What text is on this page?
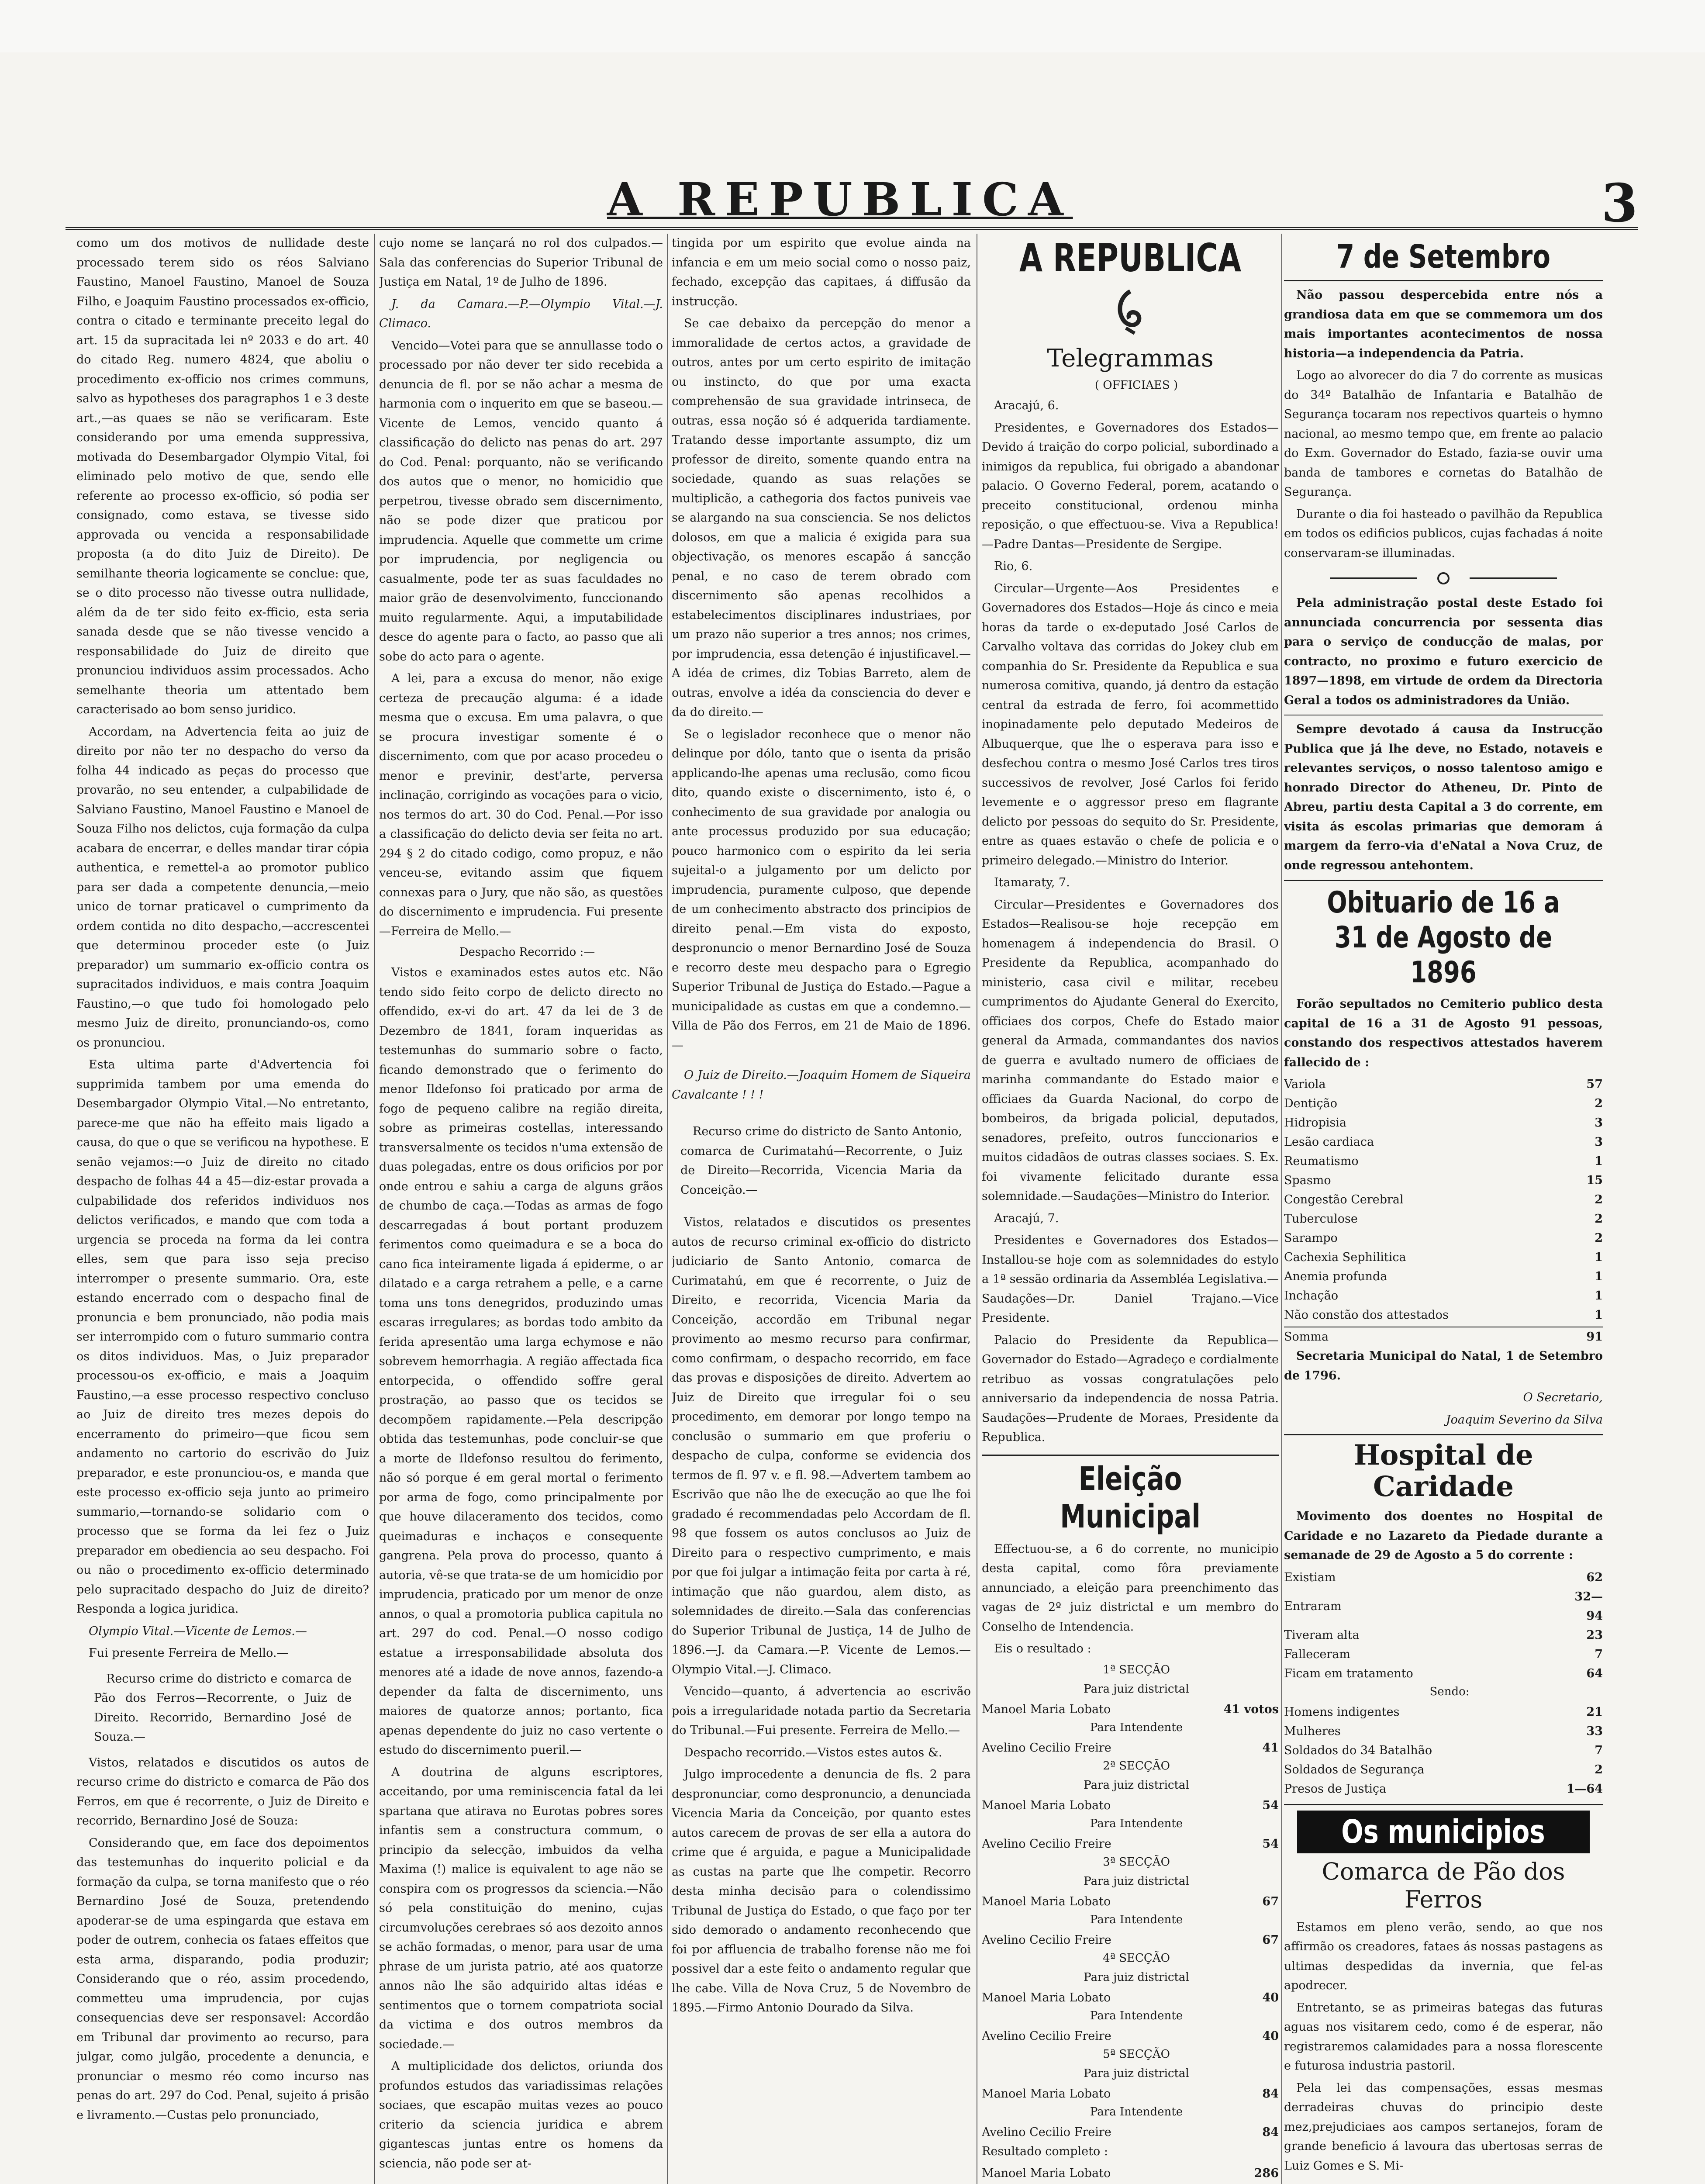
A REPUBLICA	3

como um dos motivos de nullidade deste processado terem sido os réos Salviano Faustino, Manoel Faustino, Manoel de Souza Filho, e Joaquim Faustino processados ex-officio, contra o citado e terminante preceito legal do art. 15 da supracitada lei nº 2033 e do art. 40 do citado Reg. numero 4824, que aboliu o procedimento ex-officio nos crimes communs, salvo as hypotheses dos paragraphos 1 e 3 deste art.,—as quaes se não se verificaram. Este considerando por uma emenda suppressiva, motivada do Desembargador Olympio Vital, foi eliminado pelo motivo de que, sendo elle referente ao processo ex-officio, só podia ser consignado, como estava, se tivesse sido approvada ou vencida a responsabilidade proposta (a do dito Juiz de Direito). De semilhante theoria logicamente se conclue: que, se o dito processo não tivesse outra nullidade, além da de ter sido feito ex-fficio, esta seria sanada desde que se não tivesse vencido a responsabilidade do Juiz de direito que pronunciou individuos assim processados. Acho semelhante theoria um attentado bem caracterisado ao bom senso juridico.

Accordam, na Advertencia feita ao juiz de direito por não ter no despacho do verso da folha 44 indicado as peças do processo que provarão, no seu entender, a culpabilidade de Salviano Faustino, Manoel Faustino e Manoel de Souza Filho nos delictos, cuja formação da culpa acabara de encerrar, e delles mandar tirar cópia authentica, e remettel-a ao promotor publico para ser dada a competente denuncia,—meio unico de tornar praticavel o cumprimento da ordem contida no dito despacho,—accrescentei que determinou proceder este (o Juiz preparador) um summario ex-officio contra os supracitados individuos, e mais contra Joaquim Faustino,—o que tudo foi homologado pelo mesmo Juiz de direito, pronunciando-os, como os pronunciou.

Esta ultima parte d'Advertencia foi supprimida tambem por uma emenda do Desembargador Olympio Vital.—No entretanto, parece-me que não ha effeito mais ligado a causa, do que o que se verificou na hypothese. E senão vejamos:—o Juiz de direito no citado despacho de folhas 44 a 45—diz-estar provada a culpabilidade dos referidos individuos nos delictos verificados, e mando que com toda a urgencia se proceda na forma da lei contra elles, sem que para isso seja preciso interromper o presente summario. Ora, este estando encerrado com o despacho final de pronuncia e bem pronunciado, não podia mais ser interrompido com o futuro summario contra os ditos individuos. Mas, o Juiz preparador processou-os ex-officio, e mais a Joaquim Faustino,—a esse processo respectivo concluso ao Juiz de direito tres mezes depois do encerramento do primeiro—que ficou sem andamento no cartorio do escrivão do Juiz preparador, e este pronunciou-os, e manda que este processo ex-officio seja junto ao primeiro summario,—tornando-se solidario com o processo que se forma da lei fez o Juiz preparador em obediencia ao seu despacho. Foi ou não o procedimento ex-officio determinado pelo supracitado despacho do Juiz de direito? Responda a logica juridica.

Olympio Vital.—Vicente de Lemos.—

Fui presente Ferreira de Mello.—

Recurso crime do districto e comarca de Pão dos Ferros—Recorrente, o Juiz de Direito. Recorrido, Bernardino José de Souza.—

Vistos, relatados e discutidos os autos de recurso crime do districto e comarca de Pão dos Ferros, em que é recorrente, o Juiz de Direito e recorrido, Bernardino José de Souza:

Considerando que, em face dos depoimentos das testemunhas do inquerito policial e da formação da culpa, se torna manifesto que o réo Bernardino José de Souza, pretendendo apoderar-se de uma espingarda que estava em poder de outrem, conhecia os fataes effeitos que esta arma, disparando, podia produzir; Considerando que o réo, assim procedendo, commetteu uma imprudencia, por cujas consequencias deve ser responsavel: Accordão em Tribunal dar provimento ao recurso, para julgar, como julgão, procedente a denuncia, e pronunciar o mesmo réo como incurso nas penas do art. 297 do Cod. Penal, sujeito á prisão e livramento.—Custas pelo pronunciado,

cujo nome se lançará no rol dos culpados.—Sala das conferencias do Superior Tribunal de Justiça em Natal, 1º de Julho de 1896.

J. da Camara.—P.—Olympio Vital.—J. Climaco.

Vencido—Votei para que se annullasse todo o processado por não dever ter sido recebida a denuncia de fl. por se não achar a mesma de harmonia com o inquerito em que se baseou.—Vicente de Lemos, vencido quanto á classificação do delicto nas penas do art. 297 do Cod. Penal: porquanto, não se verificando dos autos que o menor, no homicidio que perpetrou, tivesse obrado sem discernimento, não se pode dizer que praticou por imprudencia. Aquelle que commette um crime por imprudencia, por negligencia ou casualmente, pode ter as suas faculdades no maior grão de desenvolvimento, funccionando muito regularmente. Aqui, a imputabilidade desce do agente para o facto, ao passo que ali sobe do acto para o agente.

A lei, para a excusa do menor, não exige certeza de precaução alguma: é a idade mesma que o excusa. Em uma palavra, o que se procura investigar somente é o discernimento, com que por acaso procedeu o menor e previnir, dest'arte, perversa inclinação, corrigindo as vocações para o vicio, nos termos do art. 30 do Cod. Penal.—Por isso a classificação do delicto devia ser feita no art. 294 § 2 do citado codigo, como propuz, e não venceu-se, evitando assim que fiquem connexas para o Jury, que não são, as questões do discernimento e imprudencia. Fui presente—Ferreira de Mello.—

Despacho Recorrido :—

Vistos e examinados estes autos etc. Não tendo sido feito corpo de delicto directo no offendido, ex-vi do art. 47 da lei de 3 de Dezembro de 1841, foram inqueridas as testemunhas do summario sobre o facto, ficando demonstrado que o ferimento do menor Ildefonso foi praticado por arma de fogo de pequeno calibre na região direita, sobre as primeiras costellas, interessando transversalmente os tecidos n'uma extensão de duas polegadas, entre os dous orificios por por onde entrou e sahiu a carga de alguns grãos de chumbo de caça.—Todas as armas de fogo descarregadas á bout portant produzem ferimentos como queimadura e se a boca do cano fica inteiramente ligada á epiderme, o ar dilatado e a carga retrahem a pelle, e a carne toma uns tons denegridos, produzindo umas escaras irregulares; as bordas todo ambito da ferida apresentão uma larga echymose e não sobrevem hemorrhagia. A região affectada fica entorpecida, o offendido soffre geral prostração, ao passo que os tecidos se decompõem rapidamente.—Pela descripção obtida das testemunhas, pode concluir-se que a morte de Ildefonso resultou do ferimento, não só porque é em geral mortal o ferimento por arma de fogo, como principalmente por que houve dilaceramento dos tecidos, como queimaduras e inchaços e consequente gangrena. Pela prova do processo, quanto á autoria, vê-se que trata-se de um homicidio por imprudencia, praticado por um menor de onze annos, o qual a promotoria publica capitula no art. 297 do cod. Penal.—O nosso codigo estatue a irresponsabilidade absoluta dos menores até a idade de nove annos, fazendo-a depender da falta de discernimento, uns maiores de quatorze annos; portanto, fica apenas dependente do juiz no caso vertente o estudo do discernimento pueril.—

A doutrina de alguns escriptores, acceitando, por uma reminiscencia fatal da lei spartana que atirava no Eurotas pobres sores infantis sem a constructura commum, o principio da selecção, imbuidos da velha Maxima (!) malice is equivalent to age não se conspira com os progressos da sciencia.—Não só pela constituição do menino, cujas circumvoluções cerebraes só aos dezoito annos se achão formadas, o menor, para usar de uma phrase de um jurista patrio, até aos quatorze annos não lhe são adquirido altas idéas e sentimentos que o tornem compatriota social da victima e dos outros membros da sociedade.—

A multiplicidade dos delictos, oriunda dos profundos estudos das variadissimas relações sociaes, que escapão muitas vezes ao pouco criterio da sciencia juridica e abrem gigantescas juntas entre os homens da sciencia, não pode ser at-

tingida por um espirito que evolue ainda na infancia e em um meio social como o nosso paiz, fechado, excepção das capitaes, á diffusão da instrucção.

Se cae debaixo da percepção do menor a immoralidade de certos actos, a gravidade de outros, antes por um certo espirito de imitação ou instincto, do que por uma exacta comprehensão de sua gravidade intrinseca, de outras, essa noção só é adquerida tardiamente. Tratando desse importante assumpto, diz um professor de direito, somente quando entra na sociedade, quando as suas relações se multiplicão, a cathegoria dos factos puniveis vae se alargando na sua consciencia. Se nos delictos dolosos, em que a malicia é exigida para sua objectivação, os menores escapão á sancção penal, e no caso de terem obrado com discernimento são apenas recolhidos a estabelecimentos disciplinares industriaes, por um prazo não superior a tres annos; nos crimes, por imprudencia, essa detenção é injustificavel.—A idéa de crimes, diz Tobias Barreto, alem de outras, envolve a idéa da consciencia do dever e da do direito.—

Se o legislador reconhece que o menor não delinque por dólo, tanto que o isenta da prisão applicando-lhe apenas uma reclusão, como ficou dito, quando existe o discernimento, isto é, o conhecimento de sua gravidade por analogia ou ante processus produzido por sua educação; pouco harmonico com o espirito da lei seria sujeital-o a julgamento por um delicto por imprudencia, puramente culposo, que depende de um conhecimento abstracto dos principios de direito penal.—Em vista do exposto, despronuncio o menor Bernardino José de Souza e recorro deste meu despacho para o Egregio Superior Tribunal de Justiça do Estado.—Pague a municipalidade as custas em que a condemno.—Villa de Pão dos Ferros, em 21 de Maio de 1896.—

O Juiz de Direito.—Joaquim Homem de Siqueira Cavalcante ! ! !

Recurso crime do districto de Santo Antonio, comarca de Curimatahú—Recorrente, o Juiz de Direito—Recorrida, Vicencia Maria da Conceição.—

Vistos, relatados e discutidos os presentes autos de recurso criminal ex-officio do districto judiciario de Santo Antonio, comarca de Curimatahú, em que é recorrente, o Juiz de Direito, e recorrida, Vicencia Maria da Conceição, accordão em Tribunal negar provimento ao mesmo recurso para confirmar, como confirmam, o despacho recorrido, em face das provas e disposições de direito. Advertem ao Juiz de Direito que irregular foi o seu procedimento, em demorar por longo tempo na conclusão o summario em que proferiu o despacho de culpa, conforme se evidencia dos termos de fl. 97 v. e fl. 98.—Advertem tambem ao Escrivão que não lhe de execução ao que lhe foi gradado é recommendadas pelo Accordam de fl. 98 que fossem os autos conclusos ao Juiz de Direito para o respectivo cumprimento, e mais por que foi julgar a intimação feita por carta à ré, intimação que não guardou, alem disto, as solemnidades de direito.—Sala das conferencias do Superior Tribunal de Justiça, 14 de Julho de 1896.—J. da Camara.—P. Vicente de Lemos.—Olympio Vital.—J. Climaco.

Vencido—quanto, á advertencia ao escrivão pois a irregularidade notada partio da Secretaria do Tribunal.—Fui presente. Ferreira de Mello.—

Despacho recorrido.—Vistos estes autos &.

Julgo improcedente a denuncia de fls. 2 para despronunciar, como despronuncio, a denunciada Vicencia Maria da Conceição, por quanto estes autos carecem de provas de ser ella a autora do crime que é arguida, e pague a Municipalidade as custas na parte que lhe competir. Recorro desta minha decisão para o colendissimo Tribunal de Justiça do Estado, o que faço por ter sido demorado o andamento reconhecendo que foi por affluencia de trabalho forense não me foi possivel dar a este feito o andamento regular que lhe cabe. Villa de Nova Cruz, 5 de Novembro de 1895.—Firmo Antonio Dourado da Silva.

A REPUBLICA
Telegrammas

( OFFICIAES )

Aracajú, 6.

Presidentes, e Governadores dos Estados—Devido á traição do corpo policial, subordinado a inimigos da republica, fui obrigado a abandonar palacio. O Governo Federal, porem, acatando o preceito constitucional, ordenou minha reposição, o que effectuou-se. Viva a Republica!—Padre Dantas—Presidente de Sergipe.

Rio, 6.

Circular—Urgente—Aos Presidentes e Governadores dos Estados—Hoje ás cinco e meia horas da tarde o ex-deputado José Carlos de Carvalho voltava das corridas do Jokey club em companhia do Sr. Presidente da Republica e sua numerosa comitiva, quando, já dentro da estação central da estrada de ferro, foi acommettido inopinadamente pelo deputado Medeiros de Albuquerque, que lhe o esperava para isso e desfechou contra o mesmo José Carlos tres tiros successivos de revolver, José Carlos foi ferido levemente e o aggressor preso em flagrante delicto por pessoas do sequito do Sr. Presidente, entre as quaes estavão o chefe de policia e o primeiro delegado.—Ministro do Interior.

Itamaraty, 7.

Circular—Presidentes e Governadores dos Estados—Realisou-se hoje recepção em homenagem á independencia do Brasil. O Presidente da Republica, acompanhado do ministerio, casa civil e militar, recebeu cumprimentos do Ajudante General do Exercito, officiaes dos corpos, Chefe do Estado maior general da Armada, commandantes dos navios de guerra e avultado numero de officiaes de marinha commandante do Estado maior e officiaes da Guarda Nacional, do corpo de bombeiros, da brigada policial, deputados, senadores, prefeito, outros funccionarios e muitos cidadãos de outras classes sociaes. S. Ex. foi vivamente felicitado durante essa solemnidade.—Saudações—Ministro do Interior.

Aracajú, 7.

Presidentes e Governadores dos Estados—Installou-se hoje com as solemnidades do estylo a 1ª sessão ordinaria da Assembléa Legislativa.—Saudações—Dr. Daniel Trajano.—Vice Presidente.

Palacio do Presidente da Republica—Governador do Estado—Agradeço e cordialmente retribuo as vossas congratulações pelo anniversario da independencia de nossa Patria. Saudações—Prudente de Moraes, Presidente da Republica.

Eleição Municipal

Effectuou-se, a 6 do corrente, no municipio desta capital, como fôra previamente annunciado, a eleição para preenchimento das vagas de 2º juiz districtal e um membro do Conselho de Intendencia.

Eis o resultado :

1ª SECÇÃO

Para juiz districtal

Manoel Maria Lobato	41 votos

Para Intendente

Avelino Cecilio Freire	41

2ª SECÇÃO

Para juiz districtal

Manoel Maria Lobato	54

Para Intendente

Avelino Cecilio Freire	54

3ª SECÇÃO

Para juiz districtal

Manoel Maria Lobato	67

Para Intendente

Avelino Cecilio Freire	67

4ª SECÇÃO

Para juiz districtal

Manoel Maria Lobato	40

Para Intendente

Avelino Cecilio Freire	40

5ª SECÇÃO

Para juiz districtal

Manoel Maria Lobato	84

Para Intendente

Avelino Cecilio Freire	84

Resultado completo :

Manoel Maria Lobato	286

7 de Setembro

Não passou despercebida entre nós a grandiosa data em que se commemora um dos mais importantes acontecimentos de nossa historia—a independencia da Patria.

Logo ao alvorecer do dia 7 do corrente as musicas do 34º Batalhão de Infantaria e Batalhão de Segurança tocaram nos repectivos quarteis o hymno nacional, ao mesmo tempo que, em frente ao palacio do Exm. Governador do Estado, fazia-se ouvir uma banda de tambores e cornetas do Batalhão de Segurança.

Durante o dia foi hasteado o pavilhão da Republica em todos os edificios publicos, cujas fachadas á noite conservaram-se illuminadas.

Pela administração postal deste Estado foi annunciada concurrencia por sessenta dias para o serviço de conducção de malas, por contracto, no proximo e futuro exercicio de 1897—1898, em virtude de ordem da Directoria Geral a todos os administradores da União.

Sempre devotado á causa da Instrucção Publica que já lhe deve, no Estado, notaveis e relevantes serviços, o nosso talentoso amigo e honrado Director do Atheneu, Dr. Pinto de Abreu, partiu desta Capital a 3 do corrente, em visita ás escolas primarias que demoram á margem da ferro-via d'eNatal a Nova Cruz, de onde regressou antehontem.

Obituario de 16 a 31 de Agosto de 1896

Forão sepultados no Cemiterio publico desta capital de 16 a 31 de Agosto 91 pessoas, constando dos respectivos attestados haverem fallecido de :

Variola	57
Dentição	2
Hidropisia	3
Lesão cardiaca	3
Reumatismo	1
Spasmo	15
Congestão Cerebral	2
Tuberculose	2
Sarampo	2
Cachexia Sephilitica	1
Anemia profunda	1
Inchação	1
Não constão dos attestados	1
Somma	91

Secretaria Municipal do Natal, 1 de Setembro de 1796.

O Secretario,

Joaquim Severino da Silva

Hospital de Caridade

Movimento dos doentes no Hospital de Caridade e no Lazareto da Piedade durante a semanade de 29 de Agosto a 5 do corrente :

Existiam	62
Entraram	32—94
Tiveram alta	23
Falleceram	7
Ficam em tratamento	64

Sendo:

Homens indigentes	21
Mulheres	33
Soldados do 34 Batalhão	7
Soldados de Segurança	2
Presos de Justiça	1—64
Os municipios
Comarca de Pão dos Ferros

Estamos em pleno verão, sendo, ao que nos affirmão os creadores, fataes ás nossas pastagens as ultimas despedidas da invernia, que fel-as apodrecer.

Entretanto, se as primeiras bategas das futuras aguas nos visitarem cedo, como é de esperar, não registraremos calamidades para a nossa florescente e futurosa industria pastoril.

Pela lei das compensações, essas mesmas derradeiras chuvas do principio deste mez,prejudiciaes aos campos sertanejos, foram de grande beneficio á lavoura das ubertosas serras de Luiz Gomes e S. Mi-
